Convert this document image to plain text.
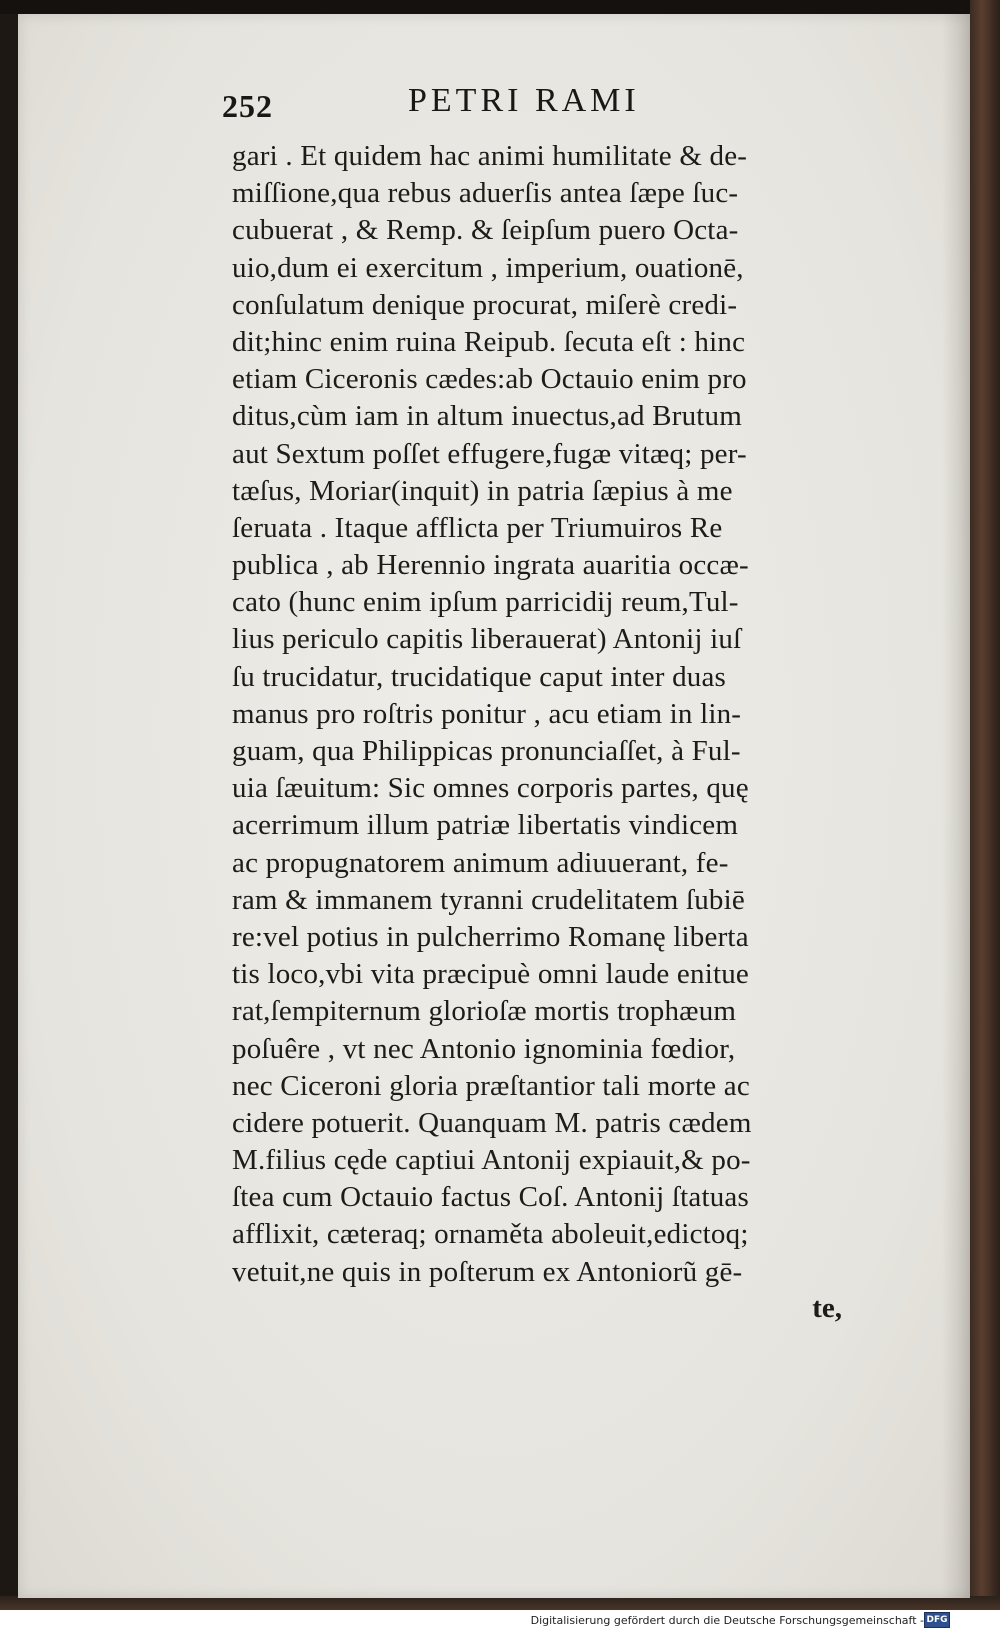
252	PETRI RAMI
gari . Et quidem hac animi humilitate & de-
miſſione,qua rebus aduerſis antea ſæpe ſuc-
cubuerat , & Remp. & ſeipſum puero Octa-
uio,dum ei exercitum , imperium, ouationē,
conſulatum denique procurat, miſerè credi-
dit;hinc enim ruina Reipub. ſecuta eſt : hinc
etiam Ciceronis cædes:ab Octauio enim pro
ditus,cùm iam in altum inuectus,ad Brutum
aut Sextum poſſet effugere,fugæ vitæq; per-
tæſus, Moriar(inquit) in patria ſæpius à me
ſeruata . Itaque afflicta per Triumuiros Re
publica , ab Herennio ingrata auaritia occæ-
cato (hunc enim ipſum parricidij reum,Tul-
lius periculo capitis liberauerat) Antonij iuſ
ſu trucidatur, trucidatique caput inter duas
manus pro roſtris ponitur , acu etiam in lin-
guam, qua Philippicas pronunciaſſet, à Ful-
uia ſæuitum: Sic omnes corporis partes, quę
acerrimum illum patriæ libertatis vindicem
ac propugnatorem animum adiuuerant, fe-
ram & immanem tyranni crudelitatem ſubiē
re:vel potius in pulcherrimo Romanę liberta
tis loco,vbi vita præcipuè omni laude enitue
rat,ſempiternum glorioſæ mortis trophæum
poſuêre , vt nec Antonio ignominia fœdior,
nec Ciceroni gloria præſtantior tali morte ac
cidere potuerit. Quanquam M. patris cædem
M.filius cęde captiui Antonij expiauit,& po-
ſtea cum Octauio factus Coſ. Antonij ſtatuas
afflixit, cæteraq; ornaměta aboleuit,edictoq;
vetuit,ne quis in poſterum ex Antoniorũ gē-
te,
Digitalisierung gefördert durch die Deutsche Forschungsgemeinschaft - DFG
